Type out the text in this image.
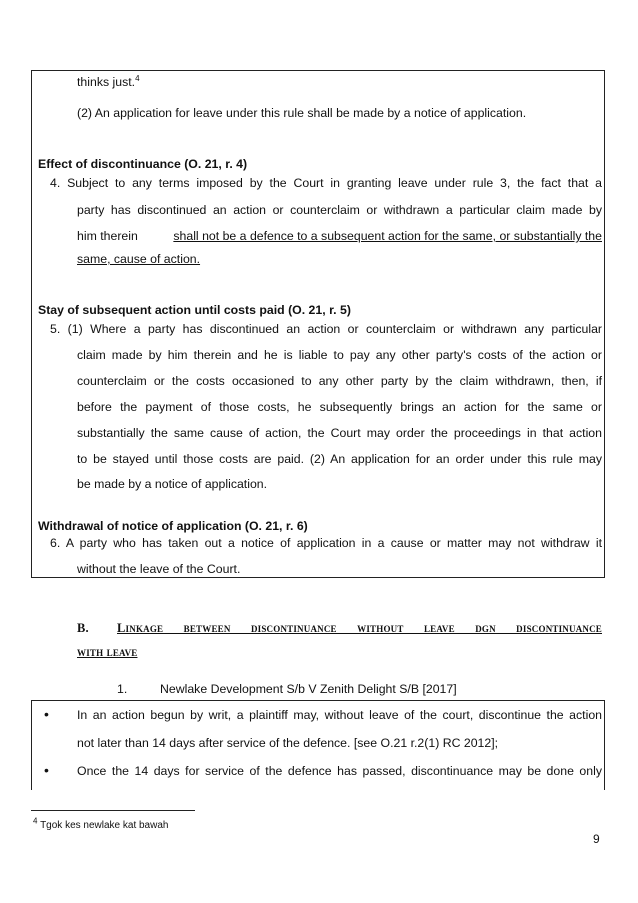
thinks just.$^4$
(2) An application for leave under this rule shall be made by a notice of application.
Effect of discontinuance (O. 21, r. 4)
4. Subject to any terms imposed by the Court in granting leave under rule 3, the fact that a
party has discontinued an action or counterclaim or withdrawn a particular claim made by
him therein	shall not be a defence to a subsequent action for the same, or substantially the
same, cause of action.
Stay of subsequent action until costs paid (O. 21, r. 5)
5. (1) Where a party has discontinued an action or counterclaim or withdrawn any particular
claim made by him therein and he is liable to pay any other party's costs of the action or
counterclaim or the costs occasioned to any other party by the claim withdrawn, then, if
before the payment of those costs, he subsequently brings an action for the same or
substantially the same cause of action, the Court may order the proceedings in that action
to be stayed until those costs are paid. (2) An application for an order under this rule may
be made by a notice of application.
Withdrawal of notice of application (O. 21, r. 6)
6. A party who has taken out a notice of application in a cause or matter may not withdraw it
without the leave of the Court.
B.	Linkage between discontinuance without leave dgn discontinuance
with leave
1.	Newlake Development S/b V Zenith Delight S/B [2017]
• In an action begun by writ, a plaintiff may, without leave of the court, discontinue the action
not later than 14 days after service of the defence. [see O.21 r.2(1) RC 2012];
• Once the 14 days for service of the defence has passed, discontinuance may be done only
$^4$ Tgok kes newlake kat bawah
9
